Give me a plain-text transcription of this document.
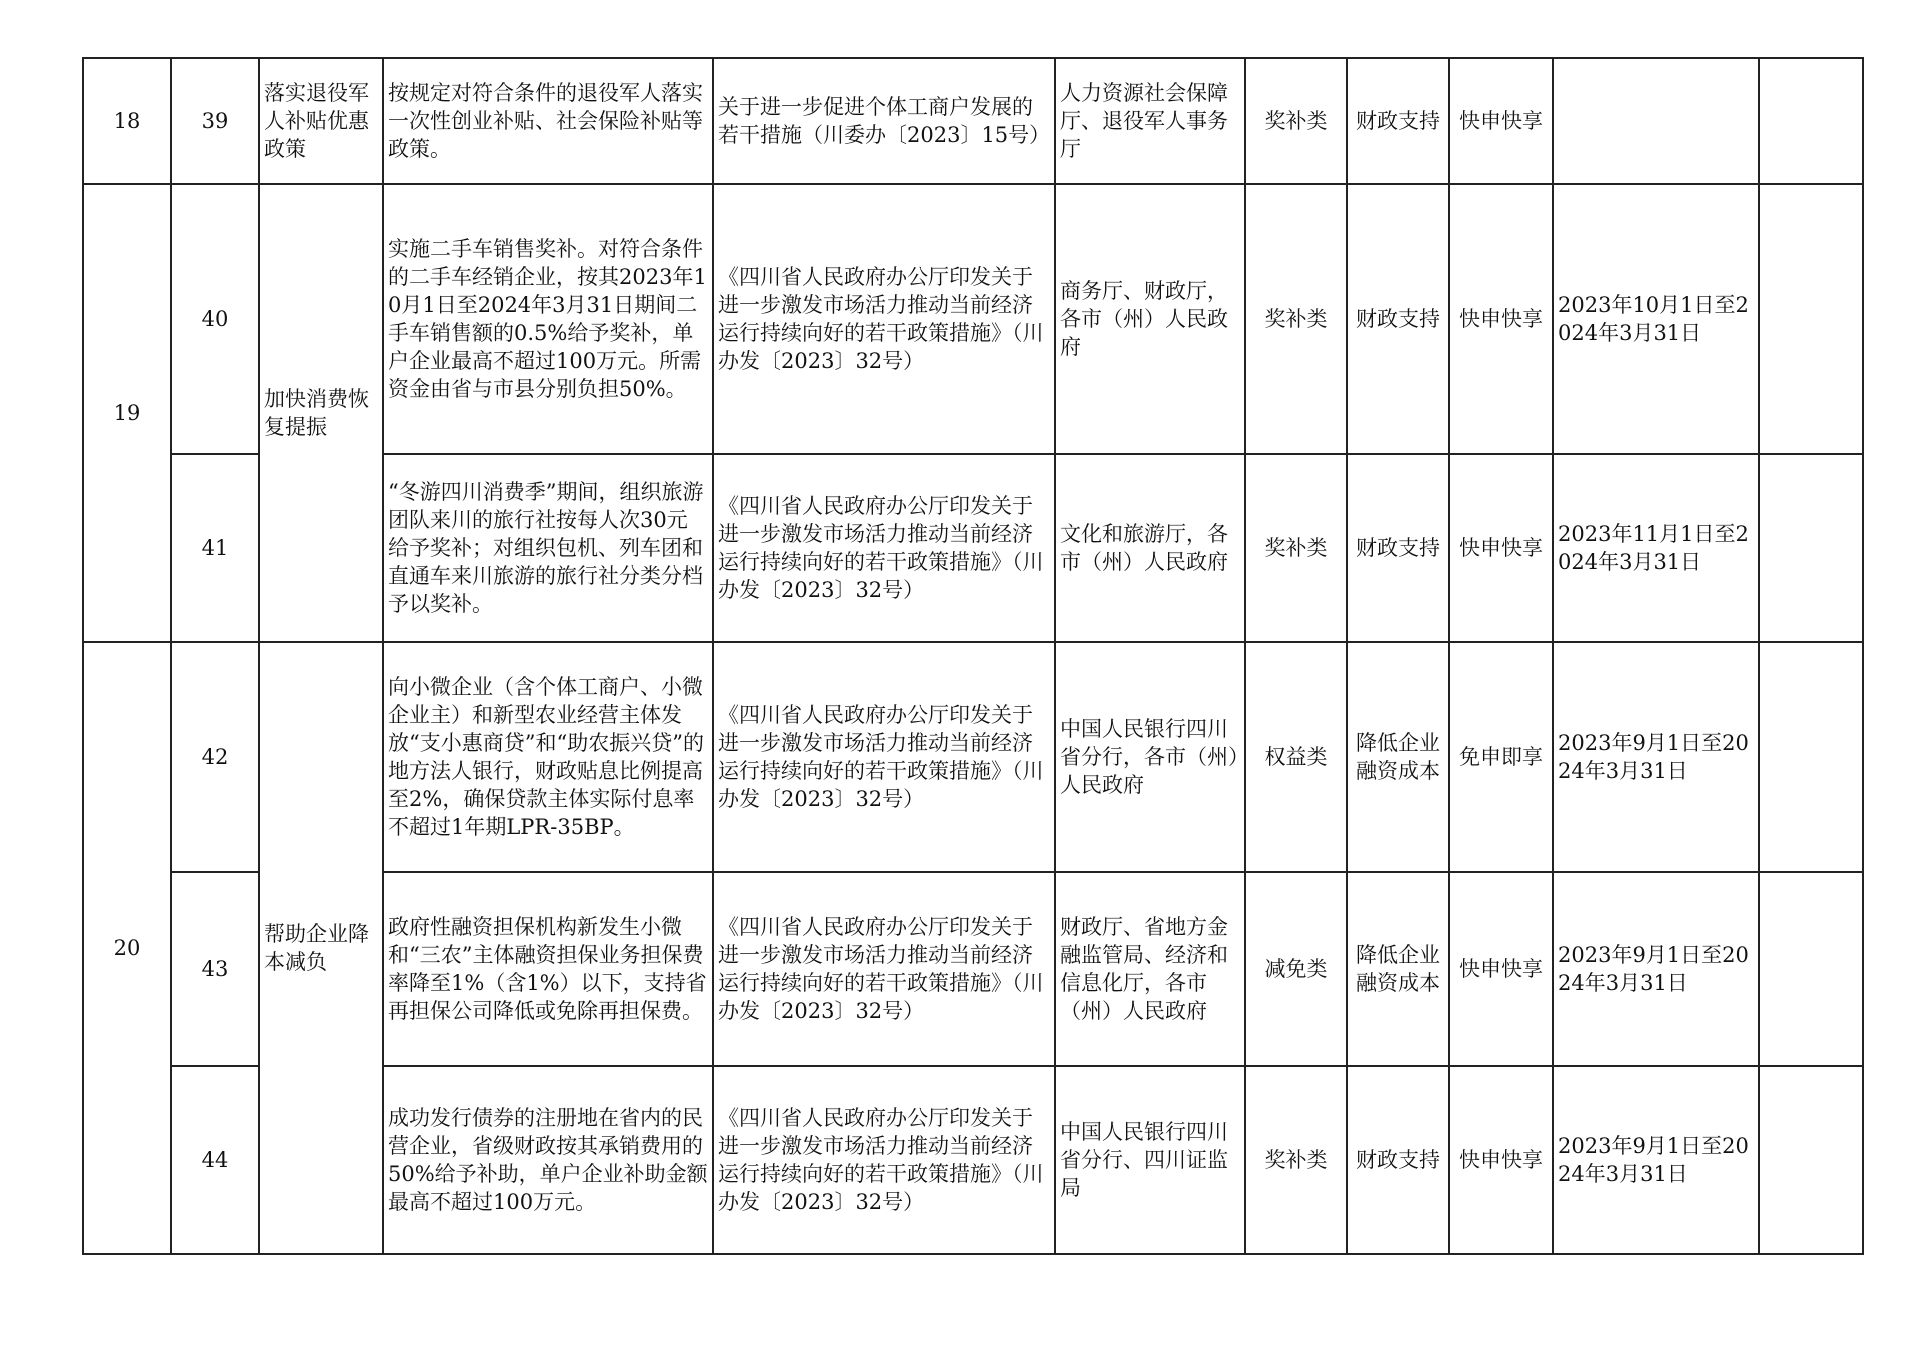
18	39	落实退役军人补贴优惠政策	按规定对符合条件的退役军人落实一次性创业补贴、社会保险补贴等政策。	关于进一步促进个体工商户发展的若干措施（川委办〔2023〕15号）	人力资源社会保障厅、退役军人事务厅	奖补类	财政支持	快申快享		
19	40	加快消费恢复提振	实施二手车销售奖补。对符合条件的二手车经销企业，按其2023年10月1日至2024年3月31日期间二手车销售额的0.5%给予奖补，单户企业最高不超过100万元。所需资金由省与市县分别负担50%。	《四川省人民政府办公厅印发关于进一步激发市场活力推动当前经济运行持续向好的若干政策措施》（川办发〔2023〕32号）	商务厅、财政厅，各市（州）人民政府	奖补类	财政支持	快申快享	2023年10月1日至2024年3月31日	
	41		“冬游四川消费季”期间，组织旅游团队来川的旅行社按每人次30元给予奖补；对组织包机、列车团和直通车来川旅游的旅行社分类分档予以奖补。	《四川省人民政府办公厅印发关于进一步激发市场活力推动当前经济运行持续向好的若干政策措施》（川办发〔2023〕32号）	文化和旅游厅，各市（州）人民政府	奖补类	财政支持	快申快享	2023年11月1日至2024年3月31日	
20	42	帮助企业降本减负	向小微企业（含个体工商户、小微企业主）和新型农业经营主体发放“支小惠商贷”和“助农振兴贷”的地方法人银行，财政贴息比例提高至2%，确保贷款主体实际付息率不超过1年期LPR-35BP。	《四川省人民政府办公厅印发关于进一步激发市场活力推动当前经济运行持续向好的若干政策措施》（川办发〔2023〕32号）	中国人民银行四川省分行，各市（州）人民政府	权益类	降低企业融资成本	免申即享	2023年9月1日至2024年3月31日	
	43		政府性融资担保机构新发生小微和“三农”主体融资担保业务担保费率降至1%（含1%）以下，支持省再担保公司降低或免除再担保费。	《四川省人民政府办公厅印发关于进一步激发市场活力推动当前经济运行持续向好的若干政策措施》（川办发〔2023〕32号）	财政厅、省地方金融监管局、经济和信息化厅，各市（州）人民政府	减免类	降低企业融资成本	快申快享	2023年9月1日至2024年3月31日	
	44		成功发行债券的注册地在省内的民营企业，省级财政按其承销费用的50%给予补助，单户企业补助金额最高不超过100万元。	《四川省人民政府办公厅印发关于进一步激发市场活力推动当前经济运行持续向好的若干政策措施》（川办发〔2023〕32号）	中国人民银行四川省分行、四川证监局	奖补类	财政支持	快申快享	2023年9月1日至2024年3月31日	
